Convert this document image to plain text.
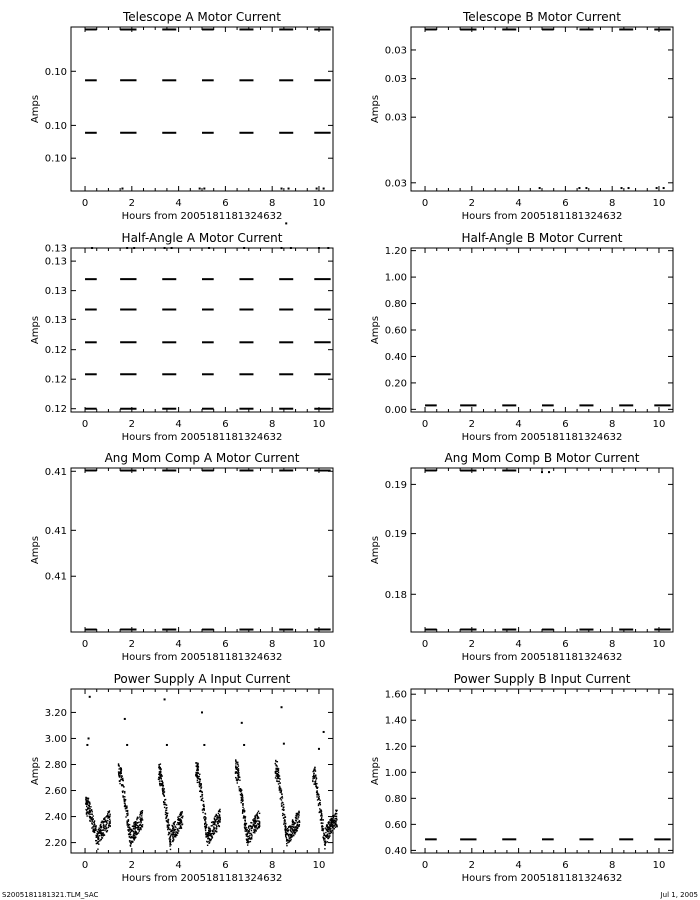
Telescope A Motor Current
Hours from 2005181181324632
Amps
0	2	4	6	8	10
0.10
0.10
0.10
Telescope B Motor Current
Hours from 2005181181324632
Amps
0	2	4	6	8	10
0.03
0.03
0.03
0.03
Half-Angle A Motor Current
Hours from 2005181181324632
Amps
0	2	4	6	8	10
0.12
0.12
0.12
0.13
0.13
0.13
0.13
Half-Angle B Motor Current
Hours from 2005181181324632
Amps
0	2	4	6	8	10
0.00
0.20
0.40
0.60
0.80
1.00
1.20
Ang Mom Comp A Motor Current
Hours from 2005181181324632
Amps
0	2	4	6	8	10
0.41
0.41
0.41
Ang Mom Comp B Motor Current
Hours from 2005181181324632
Amps
0	2	4	6	8	10
0.18
0.19
0.19
Power Supply A Input Current
Hours from 2005181181324632
Amps
0	2	4	6	8	10
2.20
2.40
2.60
2.80
3.00
3.20
Power Supply B Input Current
Hours from 2005181181324632
Amps
0	2	4	6	8	10
0.40
0.60
0.80
1.00
1.20
1.40
1.60
S2005181181321.TLM_SAC	Jul 1, 2005
